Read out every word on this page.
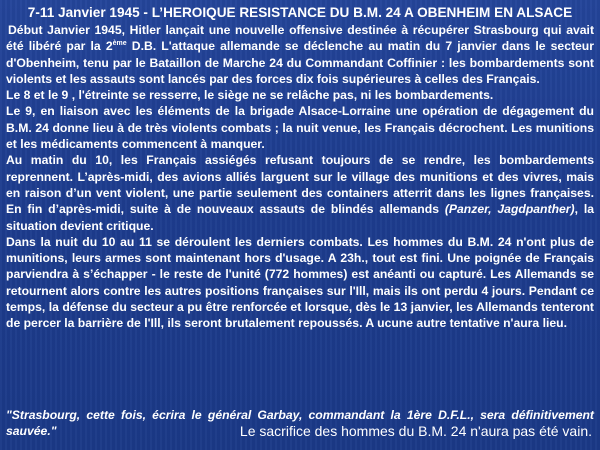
7-11 Janvier 1945 - L’HEROIQUE RESISTANCE DU B.M. 24 A OBENHEIM EN ALSACE

Début Janvier 1945, Hitler lançait une nouvelle offensive destinée à récupérer Strasbourg qui avait été libéré par la 2ème D.B. L'attaque allemande se déclenche au matin du 7 janvier dans le secteur d'Obenheim, tenu par le Bataillon de Marche 24 du Commandant Coffinier : les bombardements sont violents et les assauts sont lancés par des forces dix fois supérieures à celles des Français.

Le 8 et le 9 , l'étreinte se resserre, le siège ne se relâche pas, ni les bombardements.

Le 9, en liaison avec les éléments de la brigade Alsace-Lorraine une opération de dégagement du B.M. 24 donne lieu à de très violents combats ; la nuit venue, les Français décrochent. Les munitions et les médicaments commencent à manquer.

Au matin du 10, les Français assiégés refusant toujours de se rendre, les bombardements reprennent. L’après-midi, des avions alliés larguent sur le village des munitions et des vivres, mais en raison d’un vent violent, une partie seulement des containers atterrit dans les lignes françaises. En fin d’après-midi, suite à de nouveaux assauts de blindés allemands (Panzer, Jagdpanther), la situation devient critique.

Dans la nuit du 10 au 11 se déroulent les derniers combats. Les hommes du B.M. 24 n'ont plus de munitions, leurs armes sont maintenant hors d'usage. A 23h., tout est fini. Une poignée de Français parviendra à s’échapper - le reste de l'unité (772 hommes) est anéanti ou capturé. Les Allemands se retournent alors contre les autres positions françaises sur l'Ill, mais ils ont perdu 4 jours. Pendant ce temps, la défense du secteur a pu être renforcée et lorsque, dès le 13 janvier, les Allemands tenteront de percer la barrière de l'Ill, ils seront brutalement repoussés. A ucune autre tentative n'aura lieu.

"Strasbourg, cette fois, écrira le général Garbay, commandant la 1ère D.F.L., sera définitivement sauvée."	Le sacrifice des hommes du B.M. 24 n'aura pas été vain.
